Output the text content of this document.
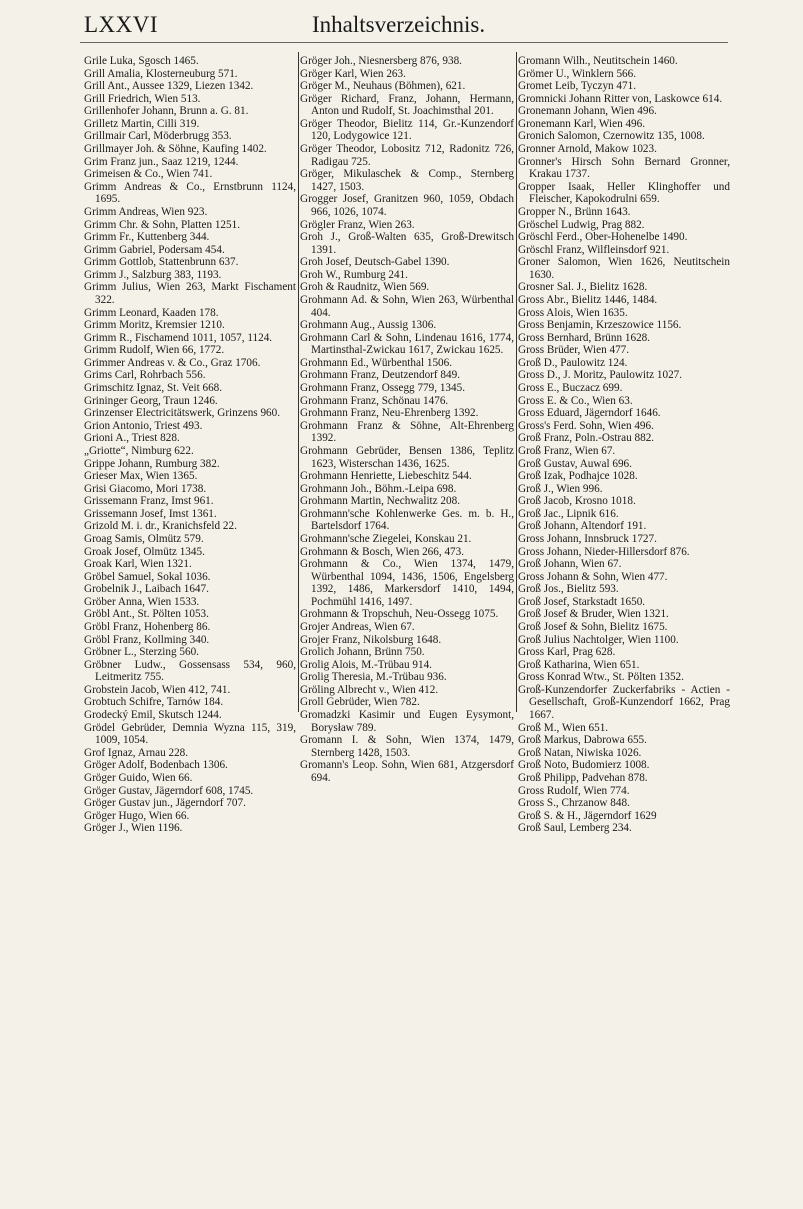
LXXVI	Inhaltsverzeichnis.
Grile Luka, Sgosch 1465.
Grill Amalia, Klosterneuburg 571.
Grill Ant., Aussee 1329, Liezen 1342.
Grill Friedrich, Wien 513.
Grillenhofer Johann, Brunn a. G. 81.
Grilletz Martin, Cilli 319.
Grillmair Carl, Möderbrugg 353.
Grillmayer Joh. & Söhne, Kaufing 1402.
Grim Franz jun., Saaz 1219, 1244.
Grimeisen & Co., Wien 741.
Grimm Andreas & Co., Ernstbrunn 1124, 1695.
Grimm Andreas, Wien 923.
Grimm Chr. & Sohn, Platten 1251.
Grimm Fr., Kuttenberg 344.
Grimm Gabriel, Podersam 454.
Grimm Gottlob, Stattenbrunn 637.
Grimm J., Salzburg 383, 1193.
Grimm Julius, Wien 263, Markt Fischament 322.
Grimm Leonard, Kaaden 178.
Grimm Moritz, Kremsier 1210.
Grimm R., Fischamend 1011, 1057, 1124.
Grimm Rudolf, Wien 66, 1772.
Grimmer Andreas v. & Co., Graz 1706.
Grims Carl, Rohrbach 556.
Grimschitz Ignaz, St. Veit 668.
Grininger Georg, Traun 1246.
Grinzenser Electricitätswerk, Grinzens 960.
Grion Antonio, Triest 493.
Grioni A., Triest 828.
„Griotte“, Nimburg 622.
Grippe Johann, Rumburg 382.
Grieser Max, Wien 1365.
Grisi Giacomo, Mori 1738.
Grissemann Franz, Imst 961.
Grissemann Josef, Imst 1361.
Grizold M. i. dr., Kranichsfeld 22.
Groag Samis, Olmütz 579.
Groak Josef, Olmütz 1345.
Groak Karl, Wien 1321.
Gröbel Samuel, Sokal 1036.
Grobelnik J., Laibach 1647.
Gröber Anna, Wien 1533.
Gröbl Ant., St. Pölten 1053.
Gröbl Franz, Hohenberg 86.
Gröbl Franz, Kollming 340.
Gröbner L., Sterzing 560.
Gröbner Ludw., Gossensass 534, 960, Leitmeritz 755.
Grobstein Jacob, Wien 412, 741.
Grobtuch Schifre, Tarnów 184.
Grodecký Emil, Skutsch 1244.
Grödel Gebrüder, Demnia Wyzna 115, 319, 1009, 1054.
Grof Ignaz, Arnau 228.
Gröger Adolf, Bodenbach 1306.
Gröger Guido, Wien 66.
Gröger Gustav, Jägerndorf 608, 1745.
Gröger Gustav jun., Jägerndorf 707.
Gröger Hugo, Wien 66.
Gröger J., Wien 1196.
Gröger Joh., Niesnersberg 876, 938.
Gröger Karl, Wien 263.
Gröger M., Neuhaus (Böhmen), 621.
Gröger Richard, Franz, Johann, Hermann, Anton und Rudolf, St. Joachimsthal 201.
Gröger Theodor, Bielitz 114, Gr.-Kunzendorf 120, Lodygowice 121.
Gröger Theodor, Lobositz 712, Radonitz 726, Radigau 725.
Gröger, Mikulaschek & Comp., Sternberg 1427, 1503.
Grogger Josef, Granitzen 960, 1059, Obdach 966, 1026, 1074.
Grögler Franz, Wien 263.
Groh J., Groß-Walten 635, Groß-Drewitsch 1391.
Groh Josef, Deutsch-Gabel 1390.
Groh W., Rumburg 241.
Groh & Raudnitz, Wien 569.
Grohmann Ad. & Sohn, Wien 263, Würbenthal 404.
Grohmann Aug., Aussig 1306.
Grohmann Carl & Sohn, Lindenau 1616, 1774, Martinsthal-Zwickau 1617, Zwickau 1625.
Grohmann Ed., Würbenthal 1506.
Grohmann Franz, Deutzendorf 849.
Grohmann Franz, Ossegg 779, 1345.
Grohmann Franz, Schönau 1476.
Grohmann Franz, Neu-Ehrenberg 1392.
Grohmann Franz & Söhne, Alt-Ehrenberg 1392.
Grohmann Gebrüder, Bensen 1386, Teplitz 1623, Wisterschan 1436, 1625.
Grohmann Henriette, Liebeschitz 544.
Grohmann Joh., Böhm.-Leipa 698.
Grohmann Martin, Nechwalitz 208.
Grohmann'sche Kohlenwerke Ges. m. b. H., Bartelsdorf 1764.
Grohmann'sche Ziegelei, Konskau 21.
Grohmann & Bosch, Wien 266, 473.
Grohmann & Co., Wien 1374, 1479, Würbenthal 1094, 1436, 1506, Engelsberg 1392, 1486, Markersdorf 1410, 1494, Pochmühl 1416, 1497.
Grohmann & Tropschuh, Neu-Ossegg 1075.
Grojer Andreas, Wien 67.
Grojer Franz, Nikolsburg 1648.
Grolich Johann, Brünn 750.
Grolig Alois, M.-Trübau 914.
Grolig Theresia, M.-Trübau 936.
Gröling Albrecht v., Wien 412.
Groll Gebrüder, Wien 782.
Gromadzki Kasimir und Eugen Eysymont, Borysław 789.
Gromann I. & Sohn, Wien 1374, 1479, Sternberg 1428, 1503.
Gromann's Leop. Sohn, Wien 681, Atzgersdorf 694.
Gromann Wilh., Neutitschein 1460.
Grömer U., Winklern 566.
Gromet Leib, Tyczyn 471.
Gromnicki Johann Ritter von, Laskowce 614.
Gronemann Johann, Wien 496.
Gronemann Karl, Wien 496.
Gronich Salomon, Czernowitz 135, 1008.
Gronner Arnold, Makow 1023.
Gronner's Hirsch Sohn Bernard Gronner, Krakau 1737.
Gropper Isaak, Heller Klinghoffer und Fleischer, Kapokodrulni 659.
Gropper N., Brünn 1643.
Gröschel Ludwig, Prag 882.
Gröschl Ferd., Ober-Hohenelbe 1490.
Gröschl Franz, Wilfleinsdorf 921.
Groner Salomon, Wien 1626, Neutitschein 1630.
Grosner Sal. J., Bielitz 1628.
Gross Abr., Bielitz 1446, 1484.
Gross Alois, Wien 1635.
Gross Benjamin, Krzeszowice 1156.
Gross Bernhard, Brünn 1628.
Gross Brüder, Wien 477.
Groß D., Paulowitz 124.
Gross D., J. Moritz, Paulowitz 1027.
Gross E., Buczacz 699.
Gross E. & Co., Wien 63.
Gross Eduard, Jägerndorf 1646.
Gross's Ferd. Sohn, Wien 496.
Groß Franz, Poln.-Ostrau 882.
Groß Franz, Wien 67.
Groß Gustav, Auwal 696.
Groß Izak, Podhajce 1028.
Groß J., Wien 996.
Groß Jacob, Krosno 1018.
Groß Jac., Lipnik 616.
Groß Johann, Altendorf 191.
Gross Johann, Innsbruck 1727.
Gross Johann, Nieder-Hillersdorf 876.
Groß Johann, Wien 67.
Gross Johann & Sohn, Wien 477.
Groß Jos., Bielitz 593.
Groß Josef, Starkstadt 1650.
Groß Josef & Bruder, Wien 1321.
Groß Josef & Sohn, Bielitz 1675.
Groß Julius Nachtolger, Wien 1100.
Gross Karl, Prag 628.
Groß Katharina, Wien 651.
Gross Konrad Wtw., St. Pölten 1352.
Groß-Kunzendorfer Zuckerfabriks - Actien - Gesellschaft, Groß-Kunzendorf 1662, Prag 1667.
Groß M., Wien 651.
Groß Markus, Dabrowa 655.
Groß Natan, Niwiska 1026.
Groß Noto, Budomierz 1008.
Groß Philipp, Padvehan 878.
Gross Rudolf, Wien 774.
Gross S., Chrzanow 848.
Groß S. & H., Jägerndorf 1629
Groß Saul, Lemberg 234.
